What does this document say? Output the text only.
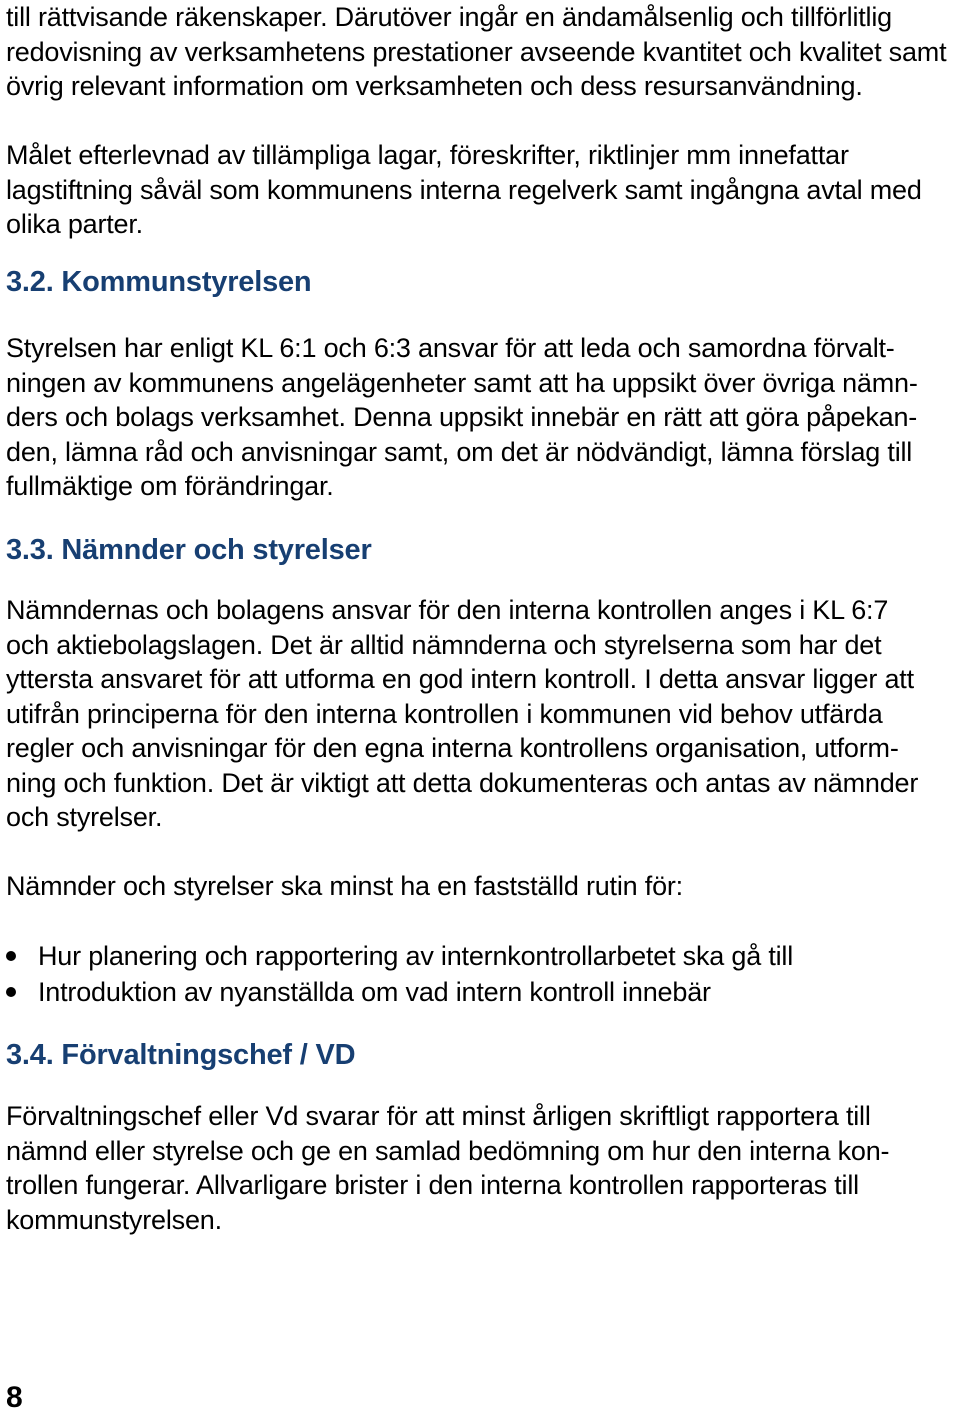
till rättvisande räkenskaper. Därutöver ingår en ändamålsenlig och tillförlitlig
redovisning av verksamhetens prestationer avseende kvantitet och kvalitet samt
övrig relevant information om verksamheten och dess resursanvändning.

Målet efterlevnad av tillämpliga lagar, föreskrifter, riktlinjer mm innefattar
lagstiftning såväl som kommunens interna regelverk samt ingångna avtal med
olika parter.

3.2. Kommunstyrelsen

Styrelsen har enligt KL 6:1 och 6:3 ansvar för att leda och samordna förvalt-
ningen av kommunens angelägenheter samt att ha uppsikt över övriga nämn-
ders och bolags verksamhet. Denna uppsikt innebär en rätt att göra påpekan-
den, lämna råd och anvisningar samt, om det är nödvändigt, lämna förslag till
fullmäktige om förändringar.

3.3. Nämnder och styrelser

Nämndernas och bolagens ansvar för den interna kontrollen anges i KL 6:7
och aktiebolagslagen. Det är alltid nämnderna och styrelserna som har det
yttersta ansvaret för att utforma en god intern kontroll. I detta ansvar ligger att
utifrån principerna för den interna kontrollen i kommunen vid behov utfärda
regler och anvisningar för den egna interna kontrollens organisation, utform-
ning och funktion. Det är viktigt att detta dokumenteras och antas av nämnder
och styrelser.

Nämnder och styrelser ska minst ha en fastställd rutin för:

Hur planering och rapportering av internkontrollarbetet ska gå till
Introduktion av nyanställda om vad intern kontroll innebär
3.4. Förvaltningschef / VD

Förvaltningschef eller Vd svarar för att minst årligen skriftligt rapportera till
nämnd eller styrelse och ge en samlad bedömning om hur den interna kon-
trollen fungerar. Allvarligare brister i den interna kontrollen rapporteras till
kommunstyrelsen.

8
